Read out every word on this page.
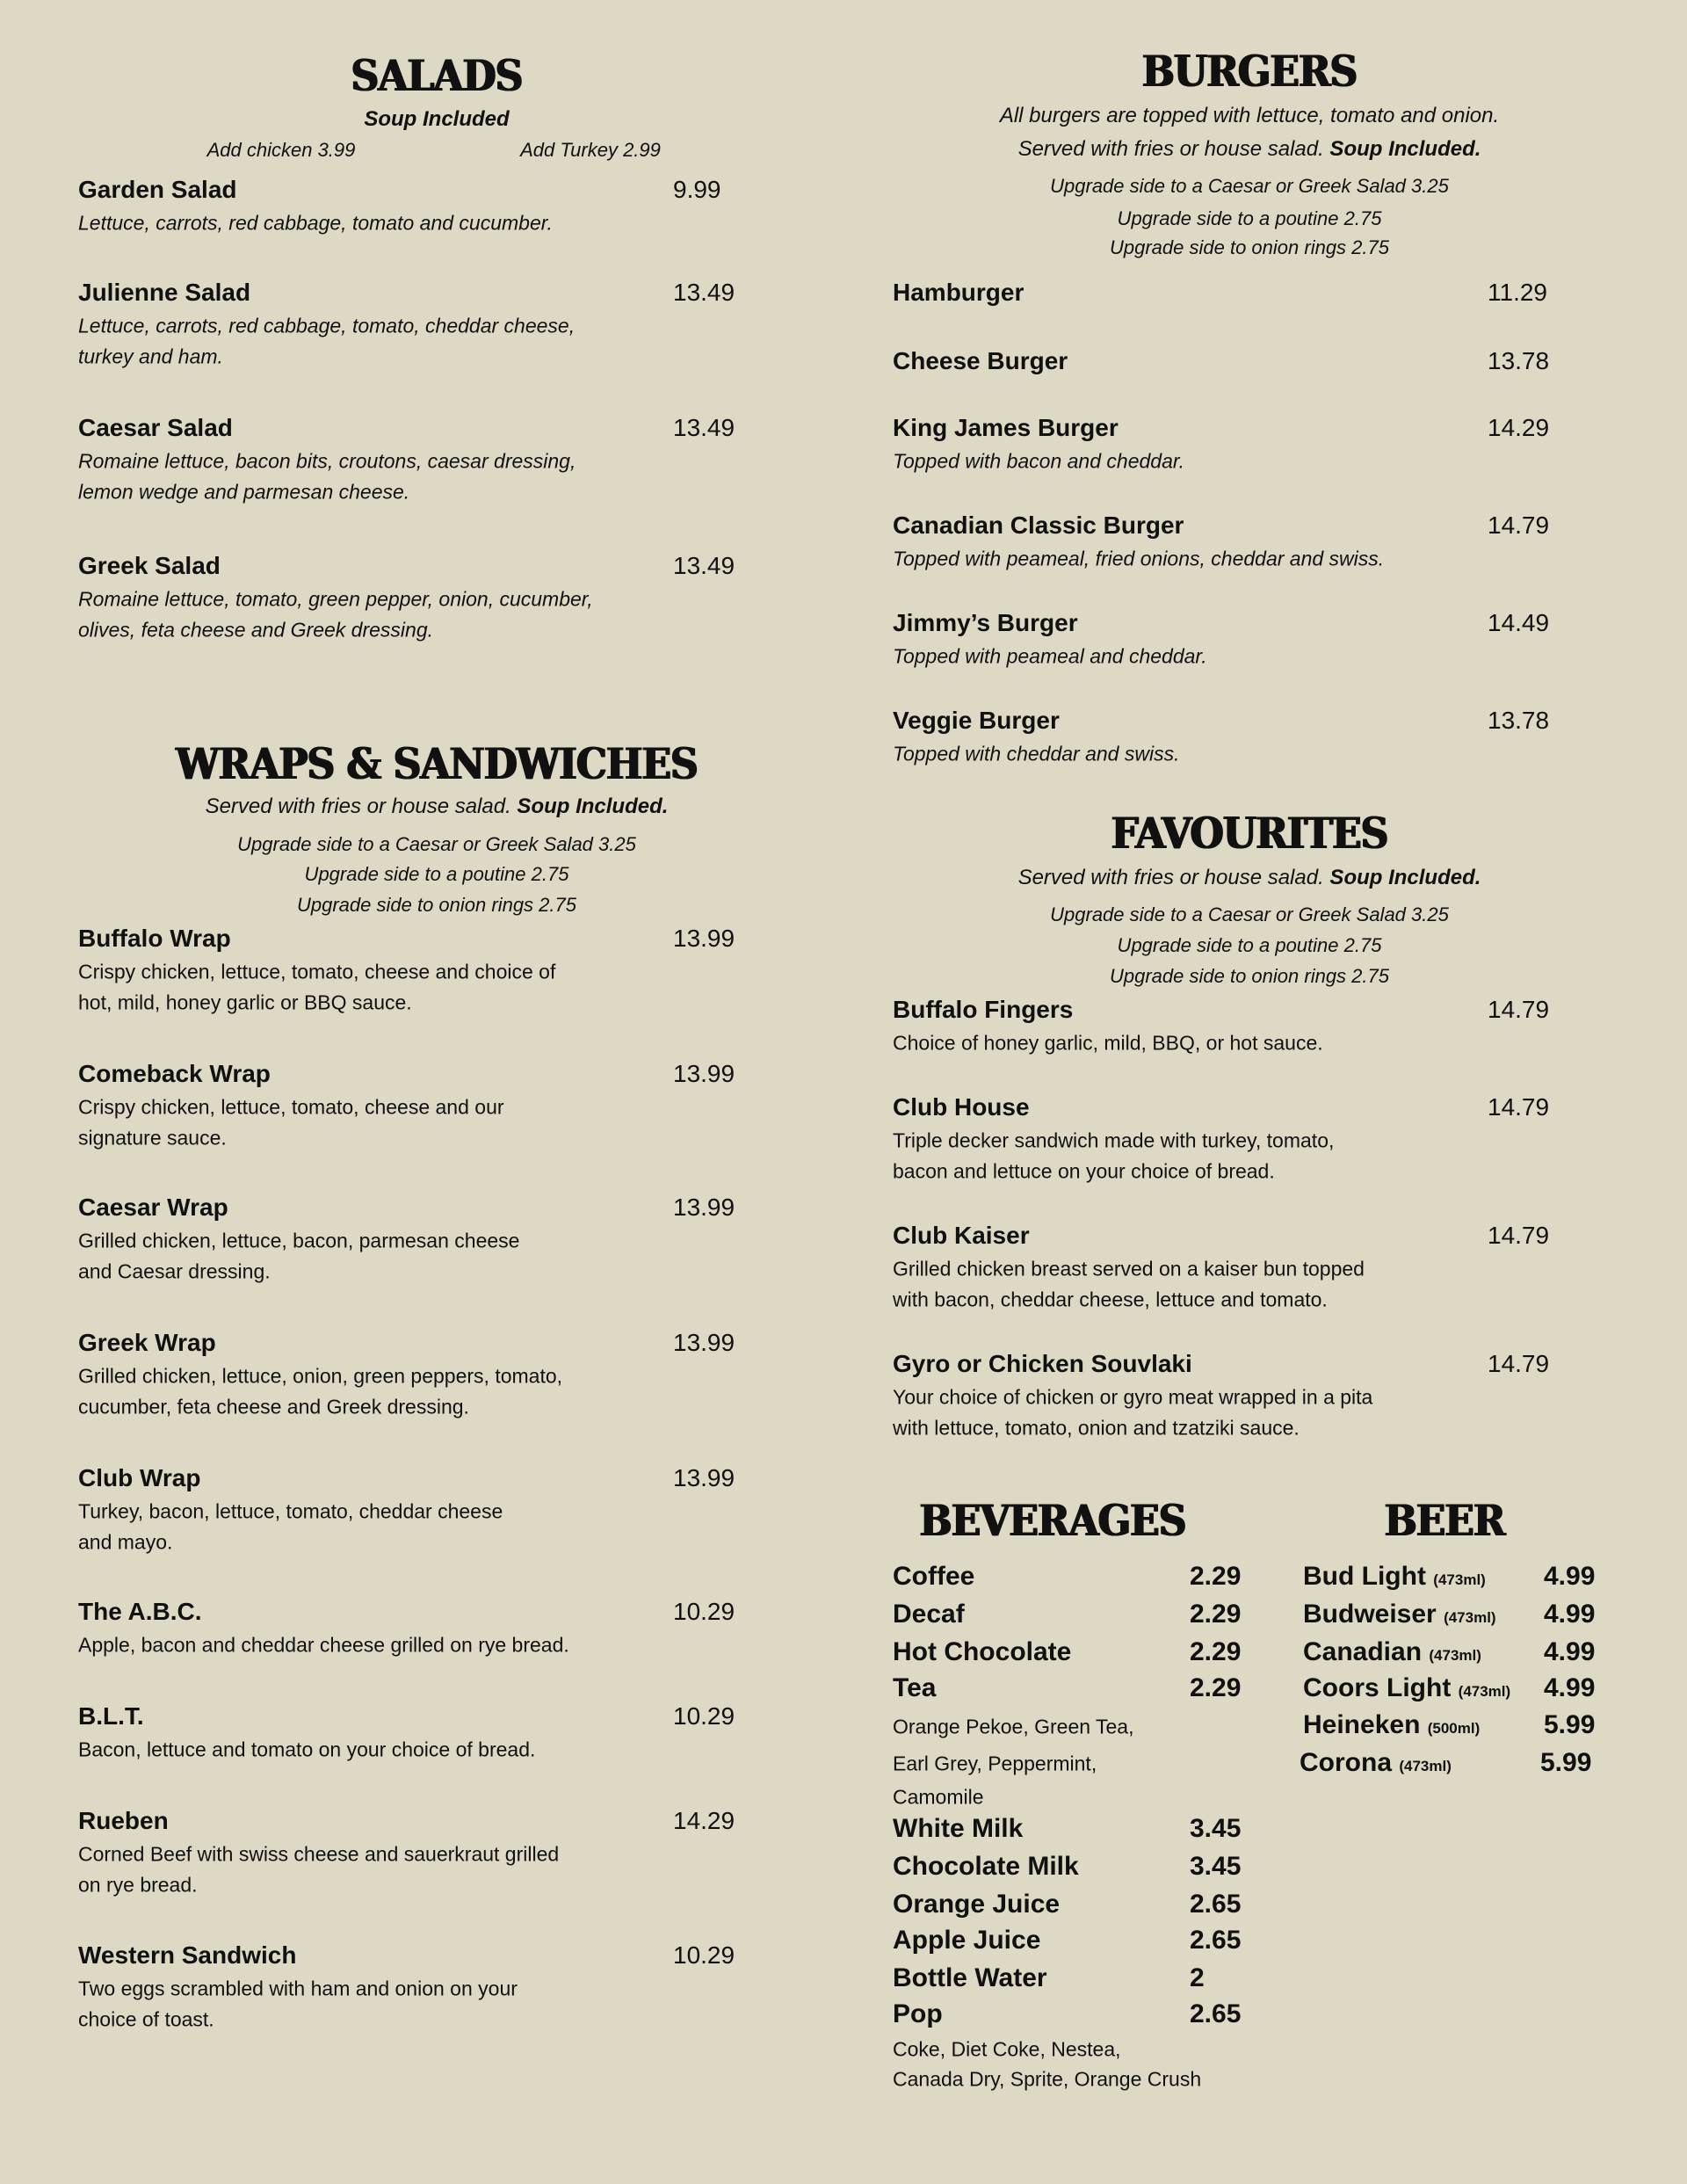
SALADS
Soup Included
Add chicken 3.99	Add Turkey 2.99
Garden Salad	9.99
Lettuce, carrots, red cabbage, tomato and cucumber.
Julienne Salad	13.49
Lettuce, carrots, red cabbage, tomato, cheddar cheese,
turkey and ham.
Caesar Salad	13.49
Romaine lettuce, bacon bits, croutons, caesar dressing,
lemon wedge and parmesan cheese.
Greek Salad	13.49
Romaine lettuce, tomato, green pepper, onion, cucumber,
olives, feta cheese and Greek dressing.
WRAPS & SANDWICHES
Served with fries or house salad. Soup Included.
Upgrade side to a Caesar or Greek Salad 3.25
Upgrade side to a poutine 2.75
Upgrade side to onion rings 2.75
Buffalo Wrap	13.99
Crispy chicken, lettuce, tomato, cheese and choice of
hot, mild, honey garlic or BBQ sauce.
Comeback Wrap	13.99
Crispy chicken, lettuce, tomato, cheese and our
signature sauce.
Caesar Wrap	13.99
Grilled chicken, lettuce, bacon, parmesan cheese
and Caesar dressing.
Greek Wrap	13.99
Grilled chicken, lettuce, onion, green peppers, tomato,
cucumber, feta cheese and Greek dressing.
Club Wrap	13.99
Turkey, bacon, lettuce, tomato, cheddar cheese
and mayo.
The A.B.C.	10.29
Apple, bacon and cheddar cheese grilled on rye bread.
B.L.T.	10.29
Bacon, lettuce and tomato on your choice of bread.
Rueben	14.29
Corned Beef with swiss cheese and sauerkraut grilled
on rye bread.
Western Sandwich	10.29
Two eggs scrambled with ham and onion on your
choice of toast.
BURGERS
All burgers are topped with lettuce, tomato and onion.
Served with fries or house salad. Soup Included.
Upgrade side to a Caesar or Greek Salad 3.25
Upgrade side to a poutine 2.75
Upgrade side to onion rings 2.75
Hamburger	11.29
Cheese Burger	13.78
King James Burger	14.29
Topped with bacon and cheddar.
Canadian Classic Burger	14.79
Topped with peameal, fried onions, cheddar and swiss.
Jimmy’s Burger	14.49
Topped with peameal and cheddar.
Veggie Burger	13.78
Topped with cheddar and swiss.
FAVOURITES
Served with fries or house salad. Soup Included.
Upgrade side to a Caesar or Greek Salad 3.25
Upgrade side to a poutine 2.75
Upgrade side to onion rings 2.75
Buffalo Fingers	14.79
Choice of honey garlic, mild, BBQ, or hot sauce.
Club House	14.79
Triple decker sandwich made with turkey, tomato,
bacon and lettuce on your choice of bread.
Club Kaiser	14.79
Grilled chicken breast served on a kaiser bun topped
with bacon, cheddar cheese, lettuce and tomato.
Gyro or Chicken Souvlaki	14.79
Your choice of chicken or gyro meat wrapped in a pita
with lettuce, tomato, onion and tzatziki sauce.
BEVERAGES
Coffee	2.29
Decaf	2.29
Hot Chocolate	2.29
Tea	2.29
White Milk	3.45
Chocolate Milk	3.45
Orange Juice	2.65
Apple Juice	2.65
Bottle Water	2
Pop	2.65
Orange Pekoe, Green Tea,
Earl Grey, Peppermint,
Camomile
Coke, Diet Coke, Nestea,
Canada Dry, Sprite, Orange Crush
BEER
Bud Light (473ml) 4.99
Budweiser (473ml) 4.99
Canadian (473ml) 4.99
Coors Light (473ml) 4.99
Heineken (500ml) 5.99
Corona (473ml)	5.99
